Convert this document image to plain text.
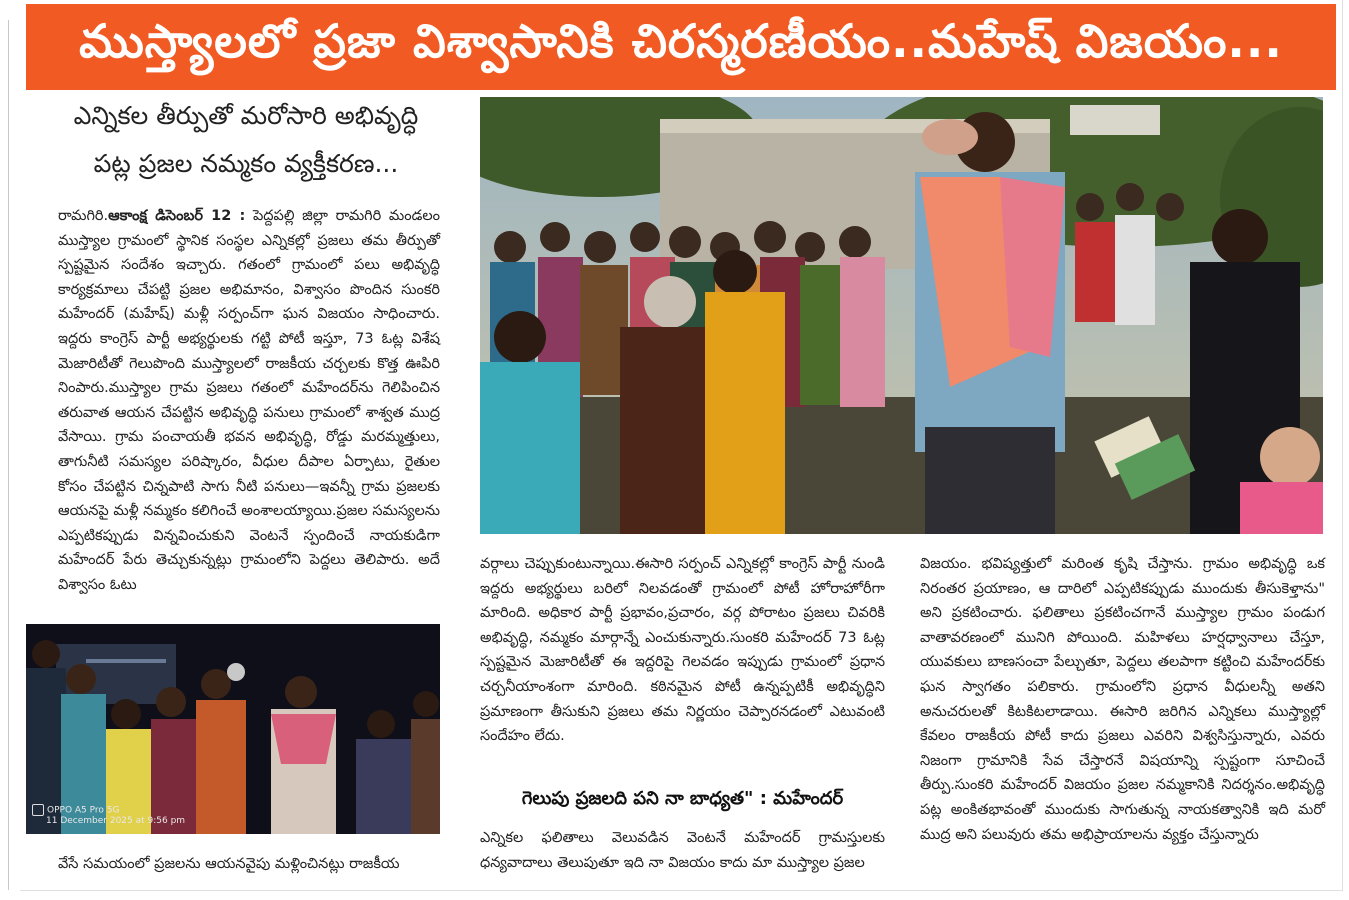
ముస్త్యాలలో ప్రజా విశ్వాసానికి చిరస్మరణీయం..మహేష్ విజయం...
ఎన్నికల తీర్పుతో మరోసారి అభివృద్ధి
పట్ల ప్రజల నమ్మకం వ్యక్తీకరణ...

రామగిరి.ఆకాంక్ష డిసెంబర్ 12 : పెద్దపల్లి జిల్లా రామగిరి మండలం ముస్త్యాల గ్రామంలో స్థానిక సంస్థల ఎన్నికల్లో ప్రజలు తమ తీర్పుతో స్పష్టమైన సందేశం ఇచ్చారు. గతంలో గ్రామంలో పలు అభివృద్ధి కార్యక్రమాలు చేపట్టి ప్రజల అభిమానం, విశ్వాసం పొందిన సుంకరి మహేందర్ (మహేష్) మళ్లీ సర్పంచ్‌గా ఘన విజయం సాధించారు. ఇద్దరు కాంగ్రెస్ పార్టీ అభ్యర్థులకు గట్టి పోటీ ఇస్తూ, 73 ఓట్ల విశేష మెజారిటీతో గెలుపొంది ముస్త్యాలలో రాజకీయ చర్చలకు కొత్త ఊపిరి నింపారు.ముస్త్యాల గ్రామ ప్రజలు గతంలో మహేందర్‌ను గెలిపించిన తరువాత ఆయన చేపట్టిన అభివృద్ధి పనులు గ్రామంలో శాశ్వత ముద్ర వేసాయి. గ్రామ పంచాయతీ భవన అభివృద్ధి, రోడ్డు మరమ్మత్తులు, తాగునీటి సమస్యల పరిష్కారం, వీధుల దీపాల ఏర్పాటు, రైతుల కోసం చేపట్టిన చిన్నపాటి సాగు నీటి పనులు—ఇవన్నీ గ్రామ ప్రజలకు ఆయనపై మళ్లీ నమ్మకం కలిగించే అంశాలయ్యాయి.ప్రజల సమస్యలను ఎప్పటికప్పుడు విన్నవించుకుని వెంటనే స్పందించే నాయకుడిగా మహేందర్ పేరు తెచ్చుకున్నట్లు గ్రామంలోని పెద్దలు తెలిపారు. అదే విశ్వాసం ఓటు

వర్గాలు చెప్పుకుంటున్నాయి.ఈసారి సర్పంచ్ ఎన్నికల్లో కాంగ్రెస్ పార్టీ నుండి ఇద్దరు అభ్యర్థులు బరిలో నిలవడంతో గ్రామంలో పోటీ హోరాహోరీగా మారింది. అధికార పార్టీ ప్రభావం,ప్రచారం, వర్గ పోరాటం ప్రజలు చివరికి అభివృద్ధి, నమ్మకం మార్గాన్నే ఎంచుకున్నారు.సుంకరి మహేందర్ 73 ఓట్ల స్పష్టమైన మెజారిటీతో ఈ ఇద్దరిపై గెలవడం ఇప్పుడు గ్రామంలో ప్రధాన చర్చనీయాంశంగా మారింది. కఠినమైన పోటీ ఉన్నప్పటికీ అభివృద్ధిని ప్రమాణంగా తీసుకుని ప్రజలు తమ నిర్ణయం చెప్పారనడంలో ఎటువంటి సందేహం లేదు.

గెలుపు ప్రజలది పని నా బాధ్యత" : మహేందర్

ఎన్నికల ఫలితాలు వెలువడిన వెంటనే మహేందర్ గ్రామస్తులకు ధన్యవాదాలు తెలుపుతూ ఇది నా విజయం కాదు మా ముస్త్యాల ప్రజల

విజయం. భవిష్యత్తులో మరింత కృషి చేస్తాను. గ్రామం అభివృద్ధి ఒక నిరంతర ప్రయాణం, ఆ దారిలో ఎప్పటికప్పుడు ముందుకు తీసుకెళ్తాను" అని ప్రకటించారు. ఫలితాలు ప్రకటించగానే ముస్త్యాల గ్రామం పండుగ వాతావరణంలో మునిగి పోయింది. మహిళలు హర్షధ్వానాలు చేస్తూ, యువకులు బాణసంచా పేల్చుతూ, పెద్దలు తలపాగా కట్టించి మహేందర్‌కు ఘన స్వాగతం పలికారు. గ్రామంలోని ప్రధాన వీధులన్నీ అతని అనుచరులతో కిటకిటలాడాయి. ఈసారి జరిగిన ఎన్నికలు ముస్త్యాల్లో కేవలం రాజకీయ పోటీ కాదు ప్రజలు ఎవరిని విశ్వసిస్తున్నారు, ఎవరు నిజంగా గ్రామానికి సేవ చేస్తారనే విషయాన్ని స్పష్టంగా సూచించే తీర్పు.సుంకరి మహేందర్ విజయం ప్రజల నమ్మకానికి నిదర్శనం.అభివృద్ధి పట్ల అంకితభావంతో ముందుకు సాగుతున్న నాయకత్వానికి ఇది మరో ముద్ర అని పలువురు తమ అభిప్రాయాలను వ్యక్తం చేస్తున్నారు

OPPO A5 Pro 5G
11 December 2025 at 9:56 pm

వేసే సమయంలో ప్రజలను ఆయనవైపు మళ్లించినట్లు రాజకీయ
